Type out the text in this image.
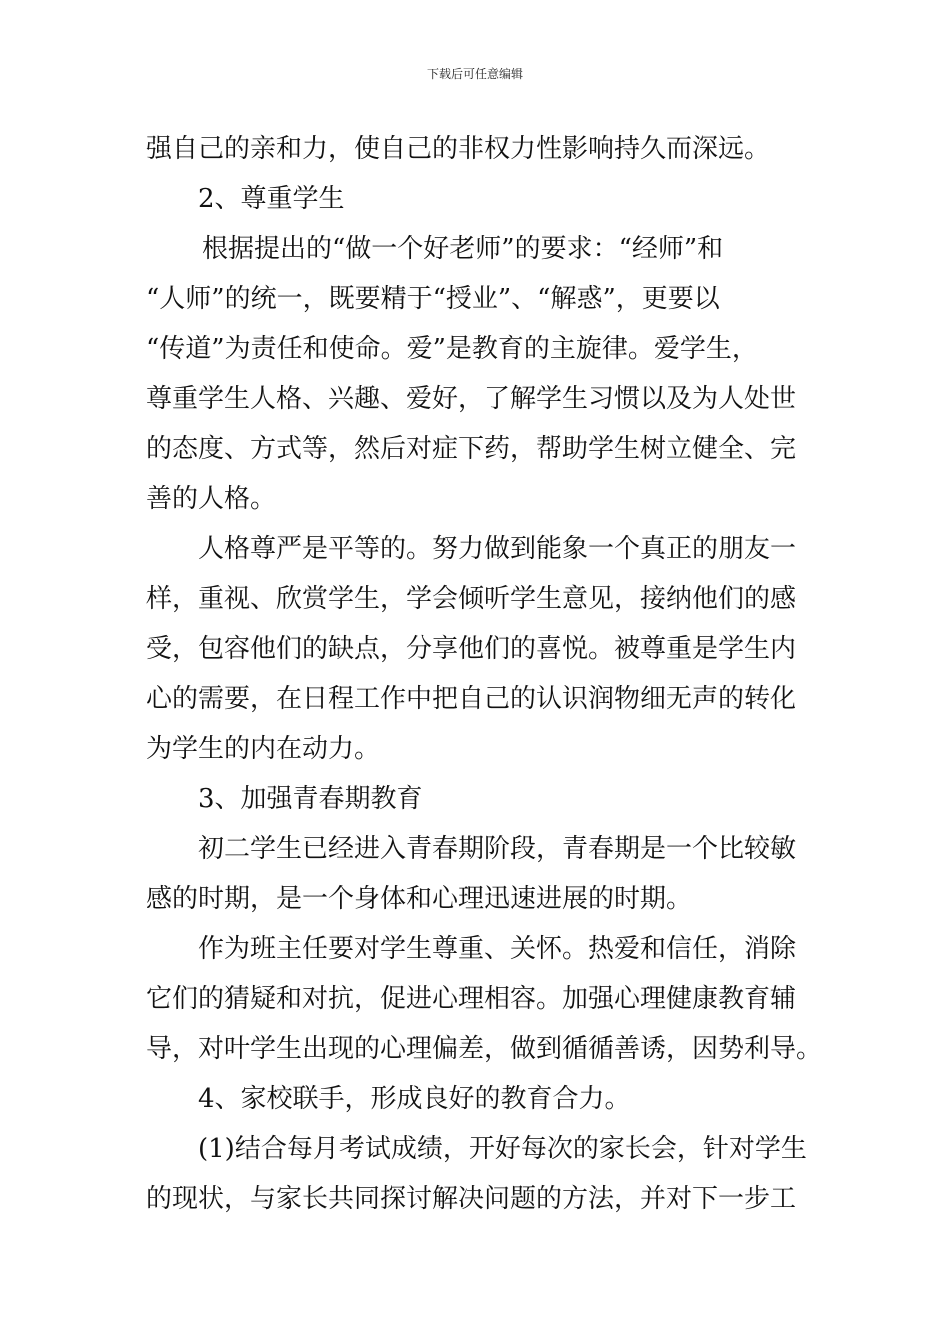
下载后可任意编辑
强自己的亲和力，使自己的非权力性影响持久而深远。
2、尊重学生
根据提出的“做一个好老师”的要求：“经师”和
“人师”的统一，既要精于“授业”、“解惑”，更要以
“传道”为责任和使命。爱”是教育的主旋律。爱学生，
尊重学生人格、兴趣、爱好，了解学生习惯以及为人处世
的态度、方式等，然后对症下药，帮助学生树立健全、完
善的人格。
人格尊严是平等的。努力做到能象一个真正的朋友一
样，重视、欣赏学生，学会倾听学生意见，接纳他们的感
受，包容他们的缺点，分享他们的喜悦。被尊重是学生内
心的需要，在日程工作中把自己的认识润物细无声的转化
为学生的内在动力。
3、加强青春期教育
初二学生已经进入青春期阶段，青春期是一个比较敏
感的时期，是一个身体和心理迅速进展的时期。
作为班主任要对学生尊重、关怀。热爱和信任，消除
它们的猜疑和对抗，促进心理相容。加强心理健康教育辅
导，对叶学生出现的心理偏差，做到循循善诱，因势利导。
4、家校联手，形成良好的教育合力。
(1)结合每月考试成绩，开好每次的家长会，针对学生
的现状，与家长共同探讨解决问题的方法，并对下一步工
